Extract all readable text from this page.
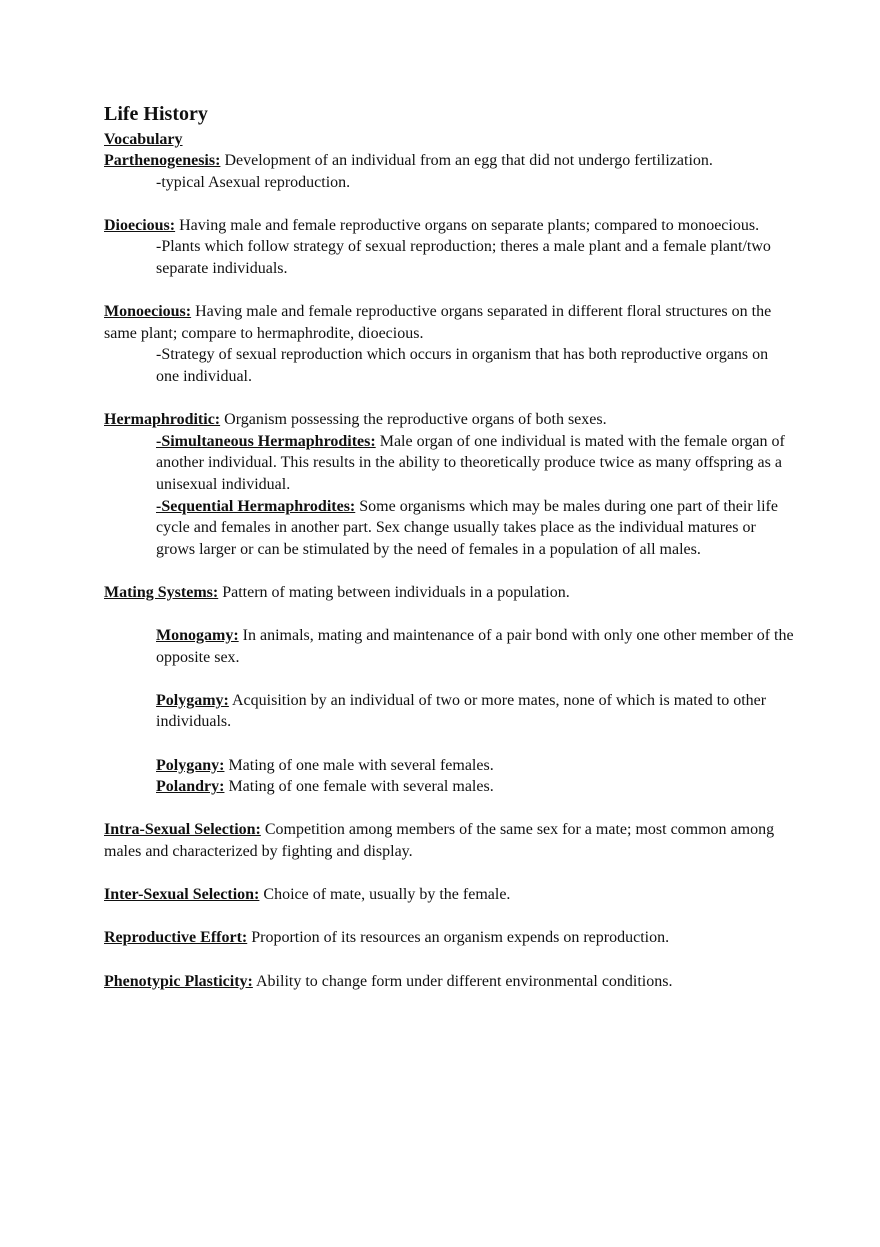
Life History
Vocabulary

Parthenogenesis: Development of an individual from an egg that did not undergo fertilization.

-typical Asexual reproduction.

Dioecious: Having male and female reproductive organs on separate plants; compared to monoecious.

-Plants which follow strategy of sexual reproduction; theres a male plant and a female plant/two separate individuals.

Monoecious: Having male and female reproductive organs separated in different floral structures on the same plant; compare to hermaphrodite, dioecious.

-Strategy of sexual reproduction which occurs in organism that has both reproductive organs on one individual.

Hermaphroditic: Organism possessing the reproductive organs of both sexes.

-Simultaneous Hermaphrodites: Male organ of one individual is mated with the female organ of another individual. This results in the ability to theoretically produce twice as many offspring as a unisexual individual.

-Sequential Hermaphrodites: Some organisms which may be males during one part of their life cycle and females in another part. Sex change usually takes place as the individual matures or grows larger or can be stimulated by the need of females in a population of all males.

Mating Systems: Pattern of mating between individuals in a population.

Monogamy: In animals, mating and maintenance of a pair bond with only one other member of the opposite sex.

Polygamy: Acquisition by an individual of two or more mates, none of which is mated to other individuals.

Polygany: Mating of one male with several females.

Polandry: Mating of one female with several males.

Intra-Sexual Selection: Competition among members of the same sex for a mate; most common among males and characterized by fighting and display.

Inter-Sexual Selection: Choice of mate, usually by the female.

Reproductive Effort: Proportion of its resources an organism expends on reproduction.

Phenotypic Plasticity: Ability to change form under different environmental conditions.
